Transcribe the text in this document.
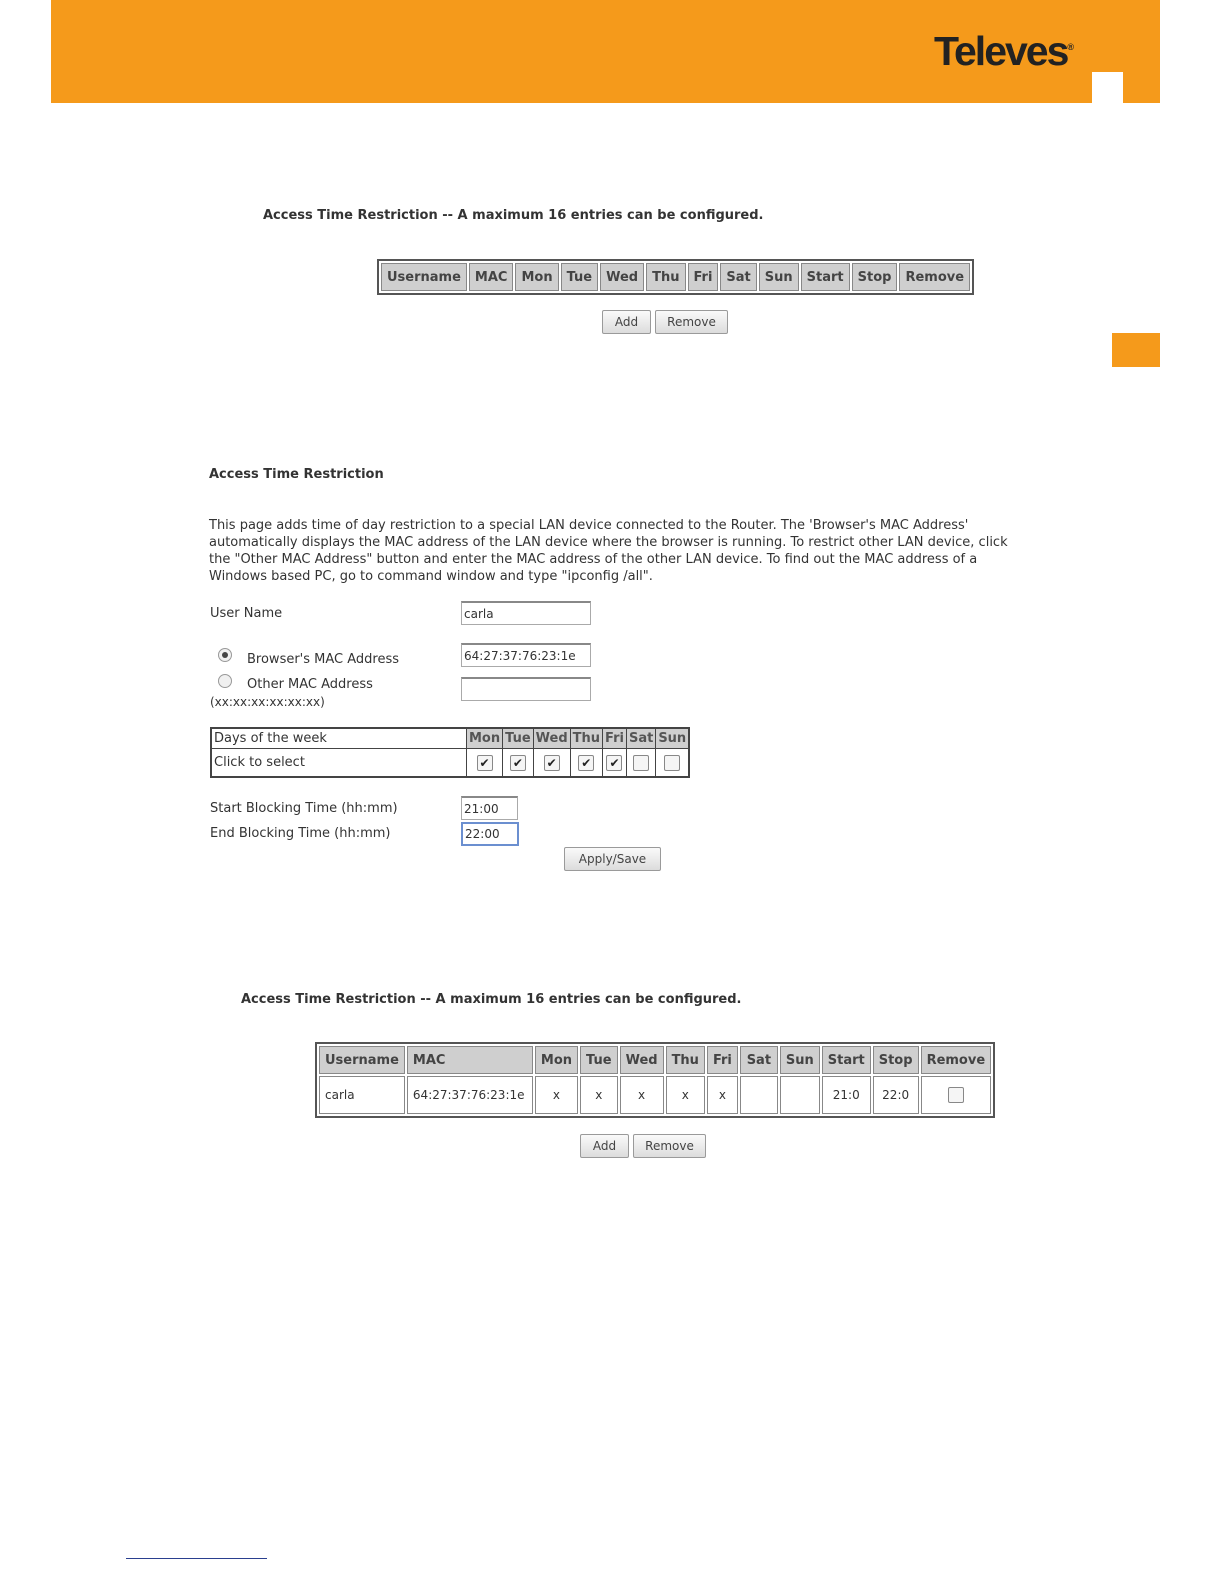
Televes®
Access Time Restriction -- A maximum 16 entries can be configured.
Username	MAC	Mon	Tue	Wed	Thu	Fri	Sat	Sun	Start	Stop	Remove
Add	Remove
Access Time Restriction
This page adds time of day restriction to a special LAN device connected to the Router. The 'Browser's MAC Address' automatically displays the MAC address of the LAN device where the browser is running. To restrict other LAN device, click the "Other MAC Address" button and enter the MAC address of the other LAN device. To find out the MAC address of a Windows based PC, go to command window and type "ipconfig /all".
User Name
carla
Browser's MAC Address
64:27:37:76:23:1e
Other MAC Address
(xx:xx:xx:xx:xx:xx)
Days of the week	Mon	Tue	Wed	Thu	Fri	Sat	Sun
Click to select	✔	✔	✔	✔	✔		
Start Blocking Time (hh:mm)
21:00
End Blocking Time (hh:mm)
22:00
Apply/Save
Access Time Restriction -- A maximum 16 entries can be configured.
Username	MAC	Mon	Tue	Wed	Thu	Fri	Sat	Sun	Start	Stop	Remove
carla	64:27:37:76:23:1e	x	x	x	x	x			21:0	22:0	
Add	Remove
